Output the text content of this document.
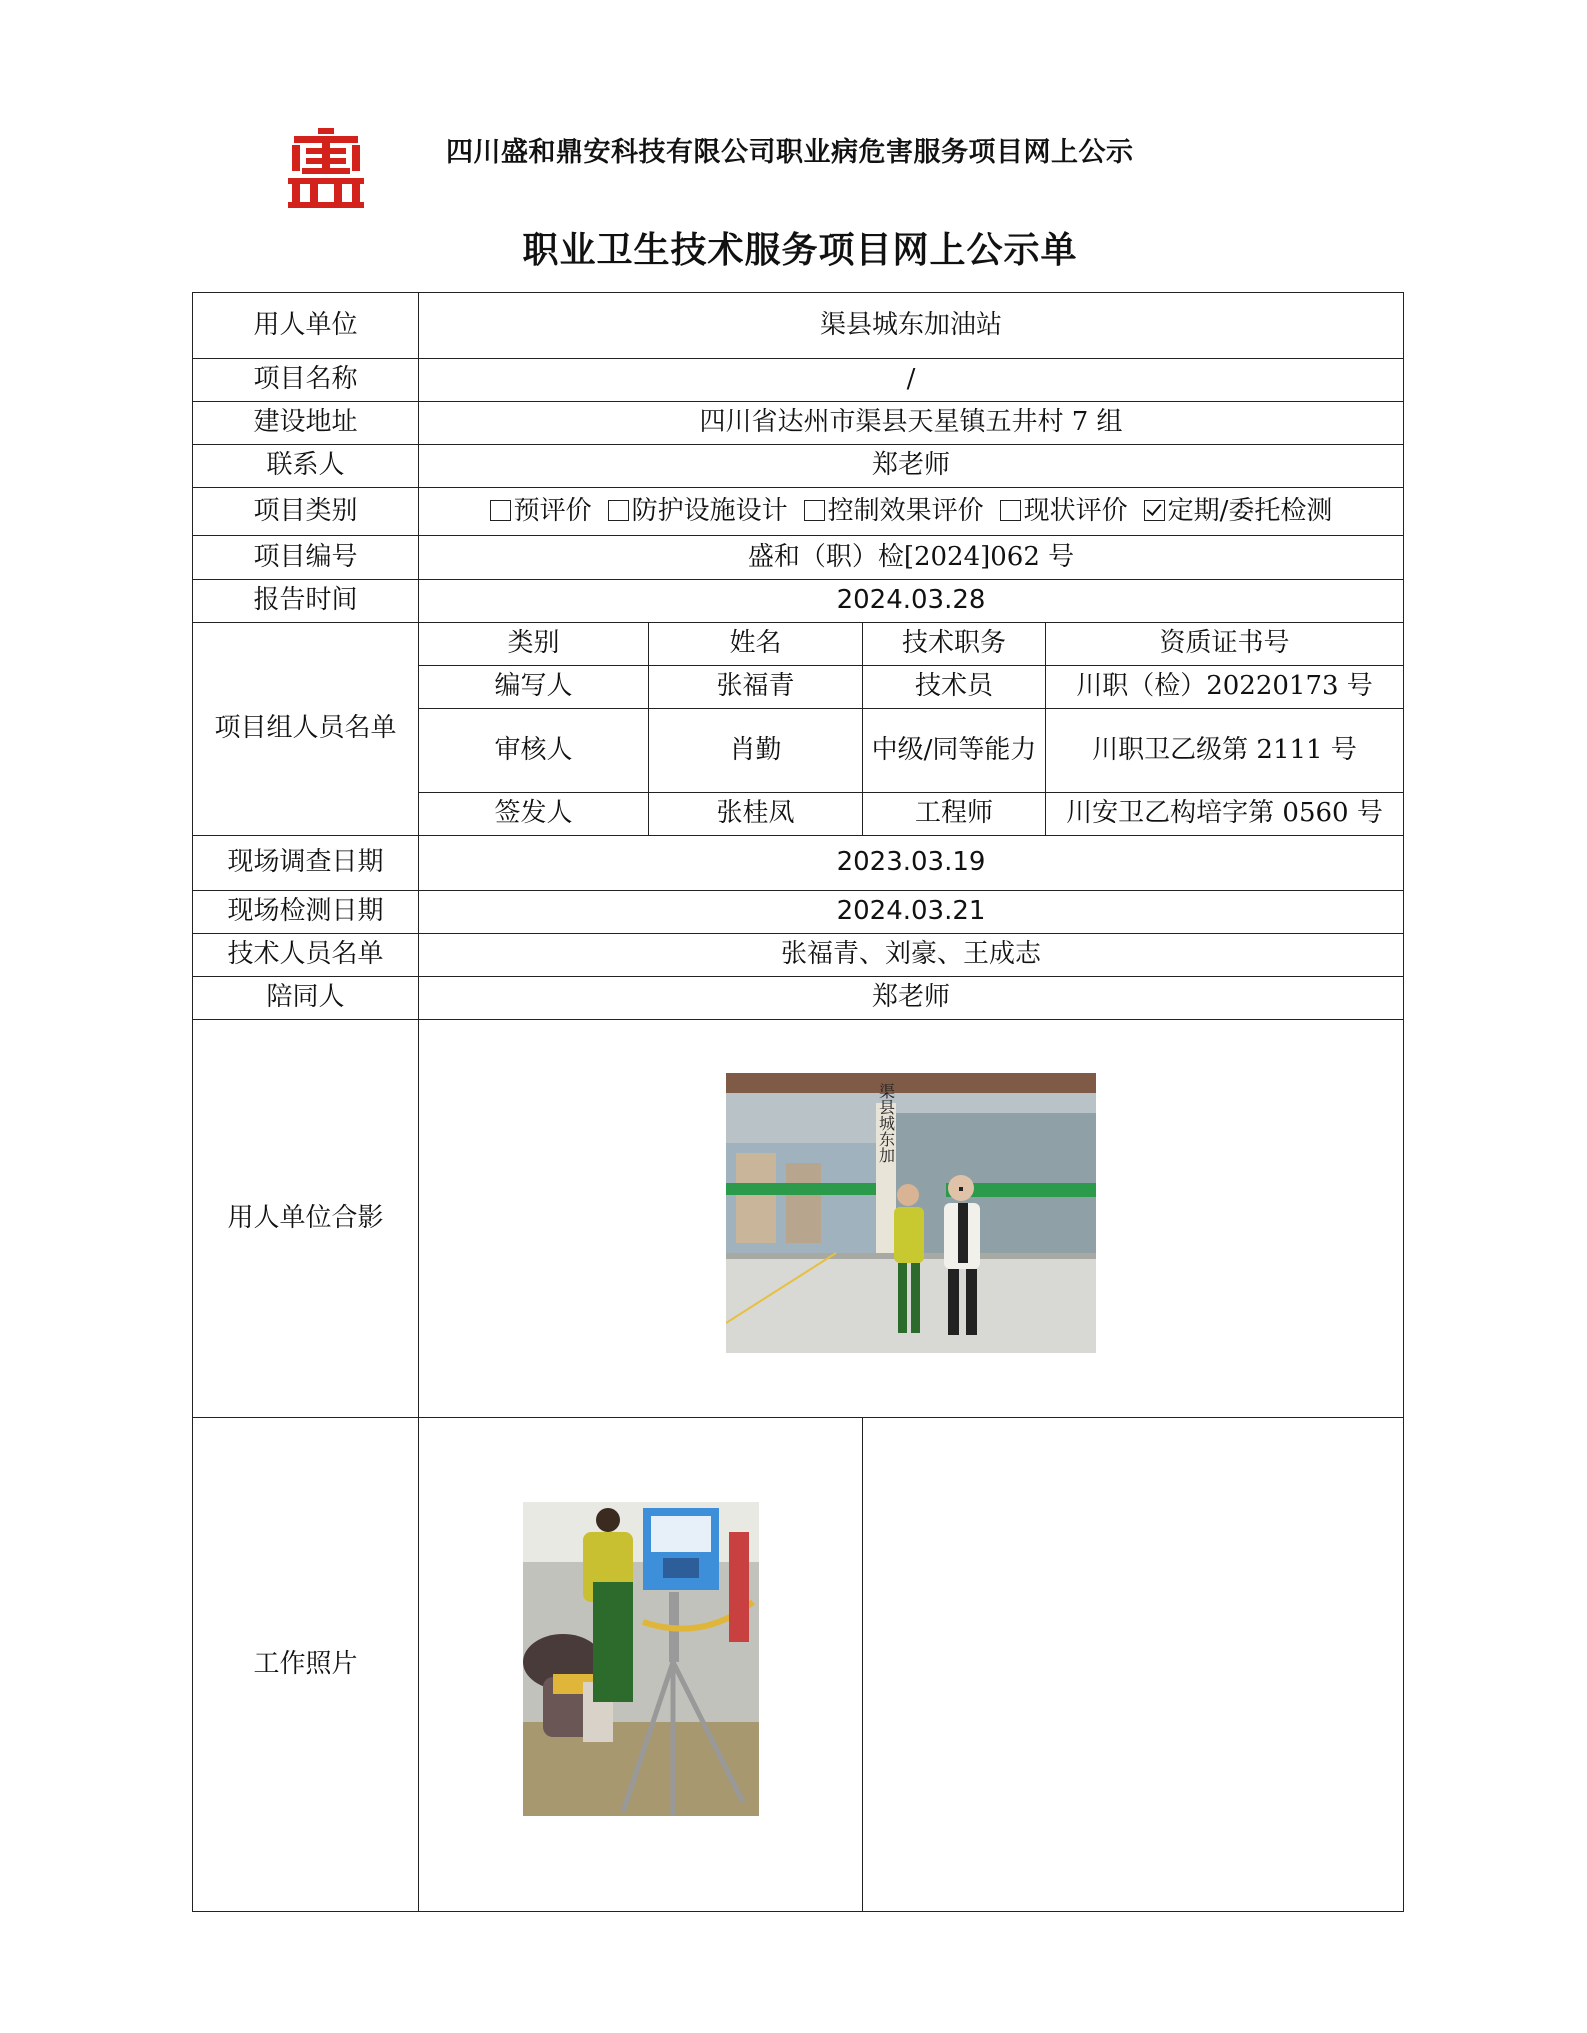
四川盛和鼎安科技有限公司职业病危害服务项目网上公示
职业卫生技术服务项目网上公示单
用人单位	渠县城东加油站			
项目名称	/			
建设地址	四川省达州市渠县天星镇五井村 7 组			
联系人	郑老师			
项目类别	预评价 防护设施设计 控制效果评价 现状评价 定期/委托检测			
项目编号	盛和（职）检[2024]062 号			
报告时间	2024.03.28			
项目组人员名单	类别	姓名	技术职务	资质证书号
	编写人	张福青	技术员	川职（检）20220173 号
	审核人	肖勤	中级/同等能力	川职卫乙级第 2111 号
	签发人	张桂凤	工程师	川安卫乙构培字第 0560 号
现场调查日期	2023.03.19			
现场检测日期	2024.03.21			
技术人员名单	张福青、刘豪、王成志			
陪同人	郑老师			
用人单位合影	渠县城东加			

工作照片		
